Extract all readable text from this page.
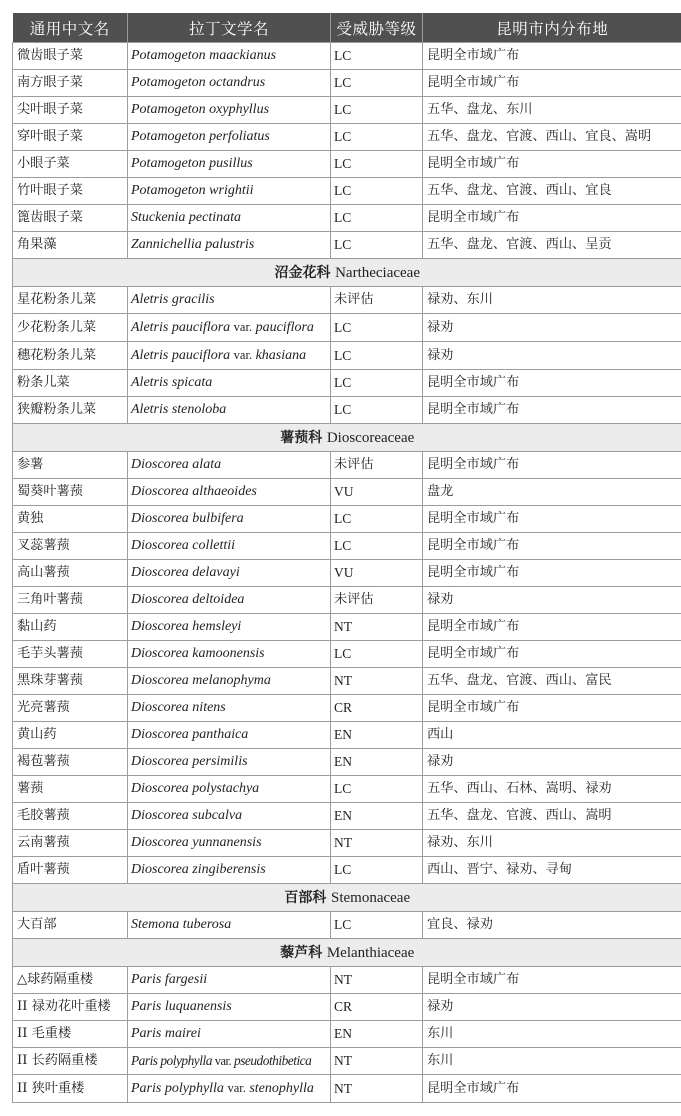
通用中文名	拉丁文学名	受威胁等级	昆明市内分布地
微齿眼子菜	Potamogeton maackianus	LC	昆明全市域广布
南方眼子菜	Potamogeton octandrus	LC	昆明全市域广布
尖叶眼子菜	Potamogeton oxyphyllus	LC	五华、盘龙、东川
穿叶眼子菜	Potamogeton perfoliatus	LC	五华、盘龙、官渡、西山、宜良、嵩明
小眼子菜	Potamogeton pusillus	LC	昆明全市域广布
竹叶眼子菜	Potamogeton wrightii	LC	五华、盘龙、官渡、西山、宜良
篦齿眼子菜	Stuckenia pectinata	LC	昆明全市域广布
角果藻	Zannichellia palustris	LC	五华、盘龙、官渡、西山、呈贡
沼金花科 Nartheciaceae			
星花粉条儿菜	Aletris gracilis	未评估	禄劝、东川
少花粉条儿菜	Aletris pauciflora var. pauciflora	LC	禄劝
穗花粉条儿菜	Aletris pauciflora var. khasiana	LC	禄劝
粉条儿菜	Aletris spicata	LC	昆明全市域广布
狭瓣粉条儿菜	Aletris stenoloba	LC	昆明全市域广布
薯蓣科 Dioscoreaceae			
参薯	Dioscorea alata	未评估	昆明全市域广布
蜀葵叶薯蓣	Dioscorea althaeoides	VU	盘龙
黄独	Dioscorea bulbifera	LC	昆明全市域广布
叉蕊薯蓣	Dioscorea collettii	LC	昆明全市域广布
高山薯蓣	Dioscorea delavayi	VU	昆明全市域广布
三角叶薯蓣	Dioscorea deltoidea	未评估	禄劝
黏山药	Dioscorea hemsleyi	NT	昆明全市域广布
毛芋头薯蓣	Dioscorea kamoonensis	LC	昆明全市域广布
黑珠芽薯蓣	Dioscorea melanophyma	NT	五华、盘龙、官渡、西山、富民
光亮薯蓣	Dioscorea nitens	CR	昆明全市域广布
黄山药	Dioscorea panthaica	EN	西山
褐苞薯蓣	Dioscorea persimilis	EN	禄劝
薯蓣	Dioscorea polystachya	LC	五华、西山、石林、嵩明、禄劝
毛胶薯蓣	Dioscorea subcalva	EN	五华、盘龙、官渡、西山、嵩明
云南薯蓣	Dioscorea yunnanensis	NT	禄劝、东川
盾叶薯蓣	Dioscorea zingiberensis	LC	西山、晋宁、禄劝、寻甸
百部科 Stemonaceae			
大百部	Stemona tuberosa	LC	宜良、禄劝
藜芦科 Melanthiaceae			
△球药隔重楼	Paris fargesii	NT	昆明全市域广布
II 禄劝花叶重楼	Paris luquanensis	CR	禄劝
II 毛重楼	Paris mairei	EN	东川
II 长药隔重楼	Paris polyphylla var. pseudothibetica	NT	东川
II 狭叶重楼	Paris polyphylla var. stenophylla	NT	昆明全市域广布
